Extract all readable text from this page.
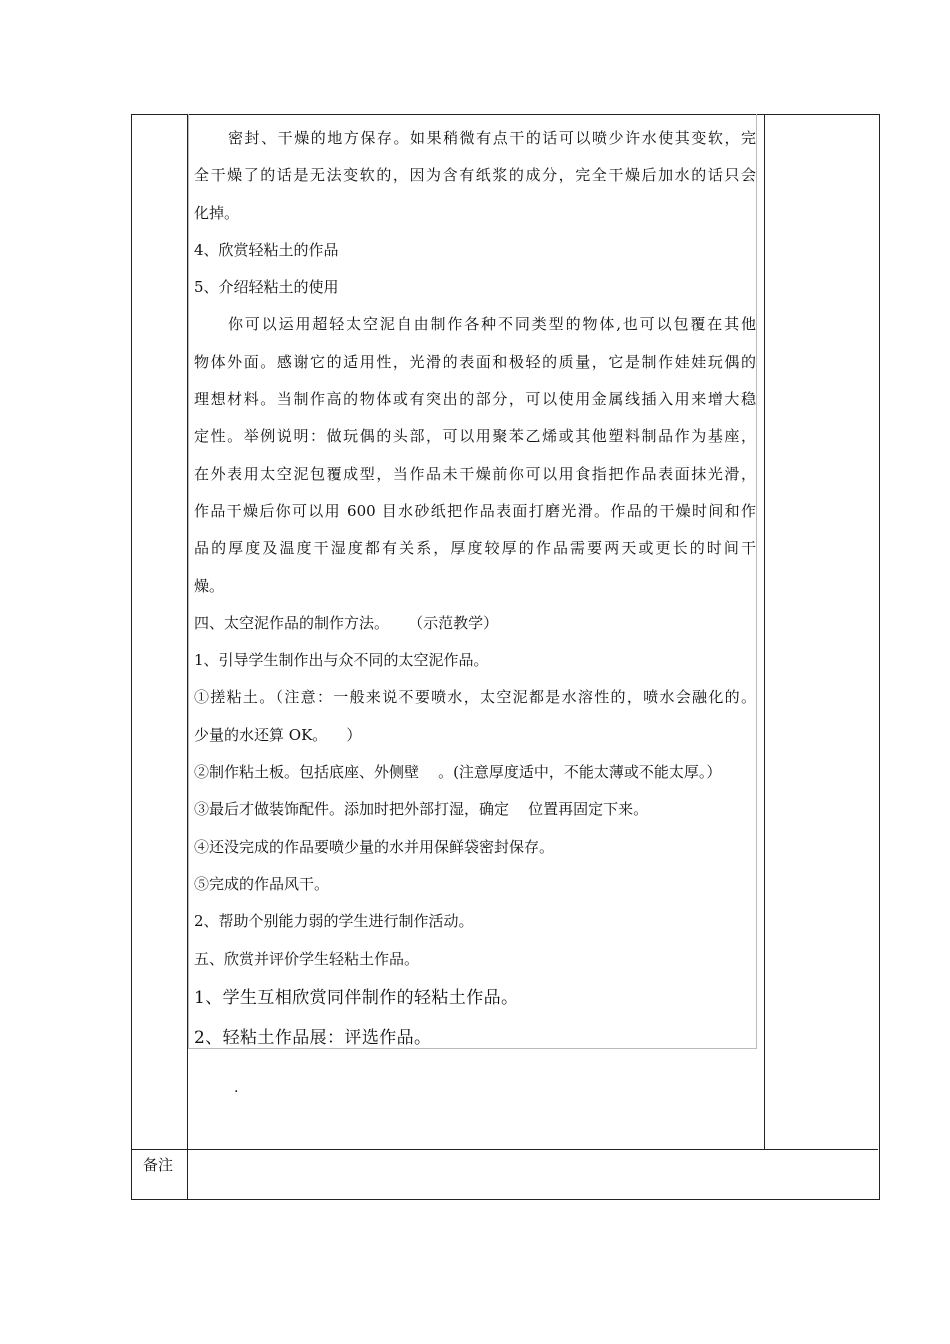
密封、干燥的地方保存。如果稍微有点干的话可以喷少许水使其变软，完
全干燥了的话是无法变软的，因为含有纸浆的成分，完全干燥后加水的话只会
化掉。
4、欣赏轻粘土的作品
5、介绍轻粘土的使用
你可以运用超轻太空泥自由制作各种不同类型的物体,也可以包覆在其他
物体外面。感谢它的适用性，光滑的表面和极轻的质量，它是制作娃娃玩偶的
理想材料。当制作高的物体或有突出的部分，可以使用金属线插入用来增大稳
定性。举例说明：做玩偶的头部，可以用聚苯乙烯或其他塑料制品作为基座，
在外表用太空泥包覆成型，当作品未干燥前你可以用食指把作品表面抹光滑，
作品干燥后你可以用 600 目水砂纸把作品表面打磨光滑。作品的干燥时间和作
品的厚度及温度干湿度都有关系，厚度较厚的作品需要两天或更长的时间干
燥。
四、太空泥作品的制作方法。    （示范教学）
1、引导学生制作出与众不同的太空泥作品。
①搓粘土。（注意：一般来说不要喷水，太空泥都是水溶性的，喷水会融化的。
少量的水还算 OK。    ）
②制作粘土板。包括底座、外侧壁    。(注意厚度适中，不能太薄或不能太厚。）
③最后才做装饰配件。添加时把外部打湿，确定    位置再固定下来。
④还没完成的作品要喷少量的水并用保鲜袋密封保存。
⑤完成的作品风干。
2、帮助个别能力弱的学生进行制作活动。
五、欣赏并评价学生轻粘土作品。
1、学生互相欣赏同伴制作的轻粘土作品。
2、轻粘土作品展：评选作品。
.
备注
